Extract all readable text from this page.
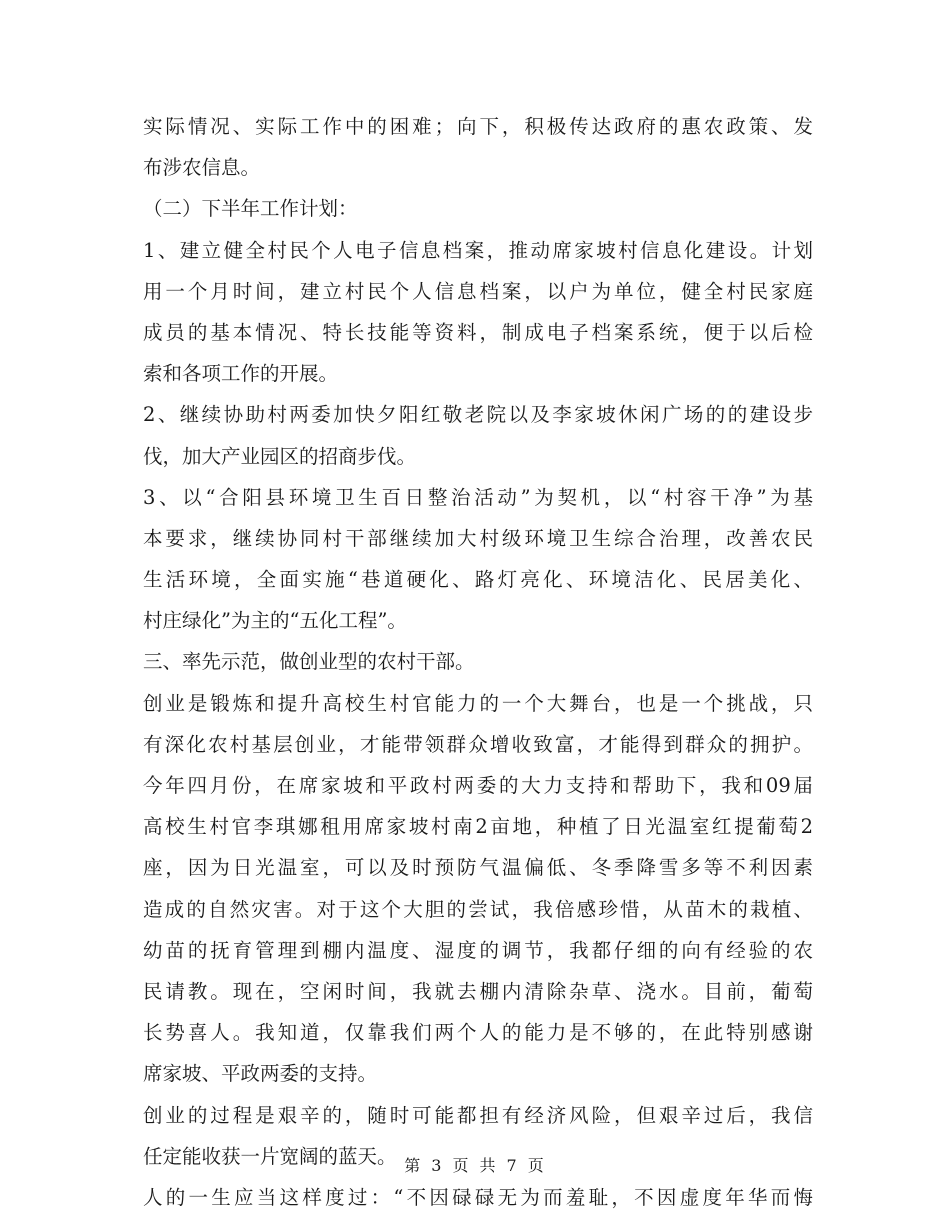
实际情况、实际工作中的困难；向下，积极传达政府的惠农政策、发
布涉农信息。
（二）下半年工作计划：
1、建立健全村民个人电子信息档案，推动席家坡村信息化建设。计划
用一个月时间，建立村民个人信息档案，以户为单位，健全村民家庭
成员的基本情况、特长技能等资料，制成电子档案系统，便于以后检
索和各项工作的开展。
2、继续协助村两委加快夕阳红敬老院以及李家坡休闲广场的的建设步
伐，加大产业园区的招商步伐。
3、以“合阳县环境卫生百日整治活动”为契机，以“村容干净”为基
本要求，继续协同村干部继续加大村级环境卫生综合治理，改善农民
生活环境，全面实施“巷道硬化、路灯亮化、环境洁化、民居美化、
村庄绿化”为主的“五化工程”。
三、率先示范，做创业型的农村干部。
创业是锻炼和提升高校生村官能力的一个大舞台，也是一个挑战，只
有深化农村基层创业，才能带领群众增收致富，才能得到群众的拥护。
今年四月份，在席家坡和平政村两委的大力支持和帮助下，我和09届
高校生村官李琪娜租用席家坡村南2亩地，种植了日光温室红提葡萄2
座，因为日光温室，可以及时预防气温偏低、冬季降雪多等不利因素
造成的自然灾害。对于这个大胆的尝试，我倍感珍惜，从苗木的栽植、
幼苗的抚育管理到棚内温度、湿度的调节，我都仔细的向有经验的农
民请教。现在，空闲时间，我就去棚内清除杂草、浇水。目前，葡萄
长势喜人。我知道，仅靠我们两个人的能力是不够的，在此特别感谢
席家坡、平政两委的支持。
创业的过程是艰辛的，随时可能都担有经济风险，但艰辛过后，我信
任定能收获一片宽阔的蓝天。
人的一生应当这样度过：“不因碌碌无为而羞耻，不因虚度年华而悔
第 3 页 共 7 页
